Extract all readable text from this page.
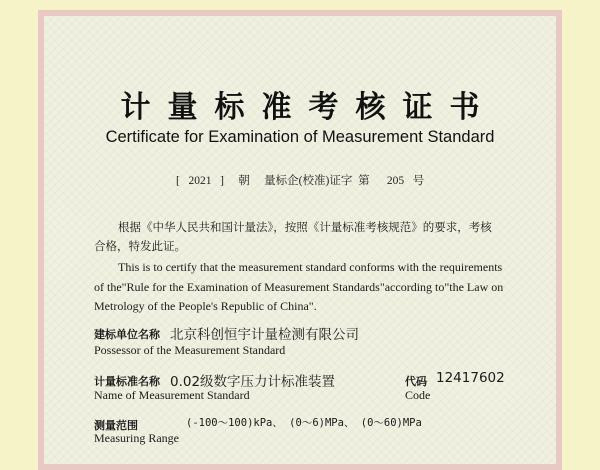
计量标准考核证书
Certificate for Examination of Measurement Standard
[   2021   ]     朝     量标企(校准)证字  第      205   号
根据《中华人民共和国计量法》，按照《计量标准考核规范》的要求，考核
合格，特发此证。
This is to certify that the measurement standard conforms with the requirements
of the"Rule for the Examination of Measurement Standards"according to"the Law on
Metrology of the People's Republic of China".
建标单位名称 北京科创恒宇计量检测有限公司
Possessor of the Measurement Standard
计量标准名称 0.02级数字压力计标准装置
Name of Measurement Standard
代码 12417602
Code
测量范围	(-100～100)kPa、 (0～6)MPa、 (0～60)MPa
Measuring Range
